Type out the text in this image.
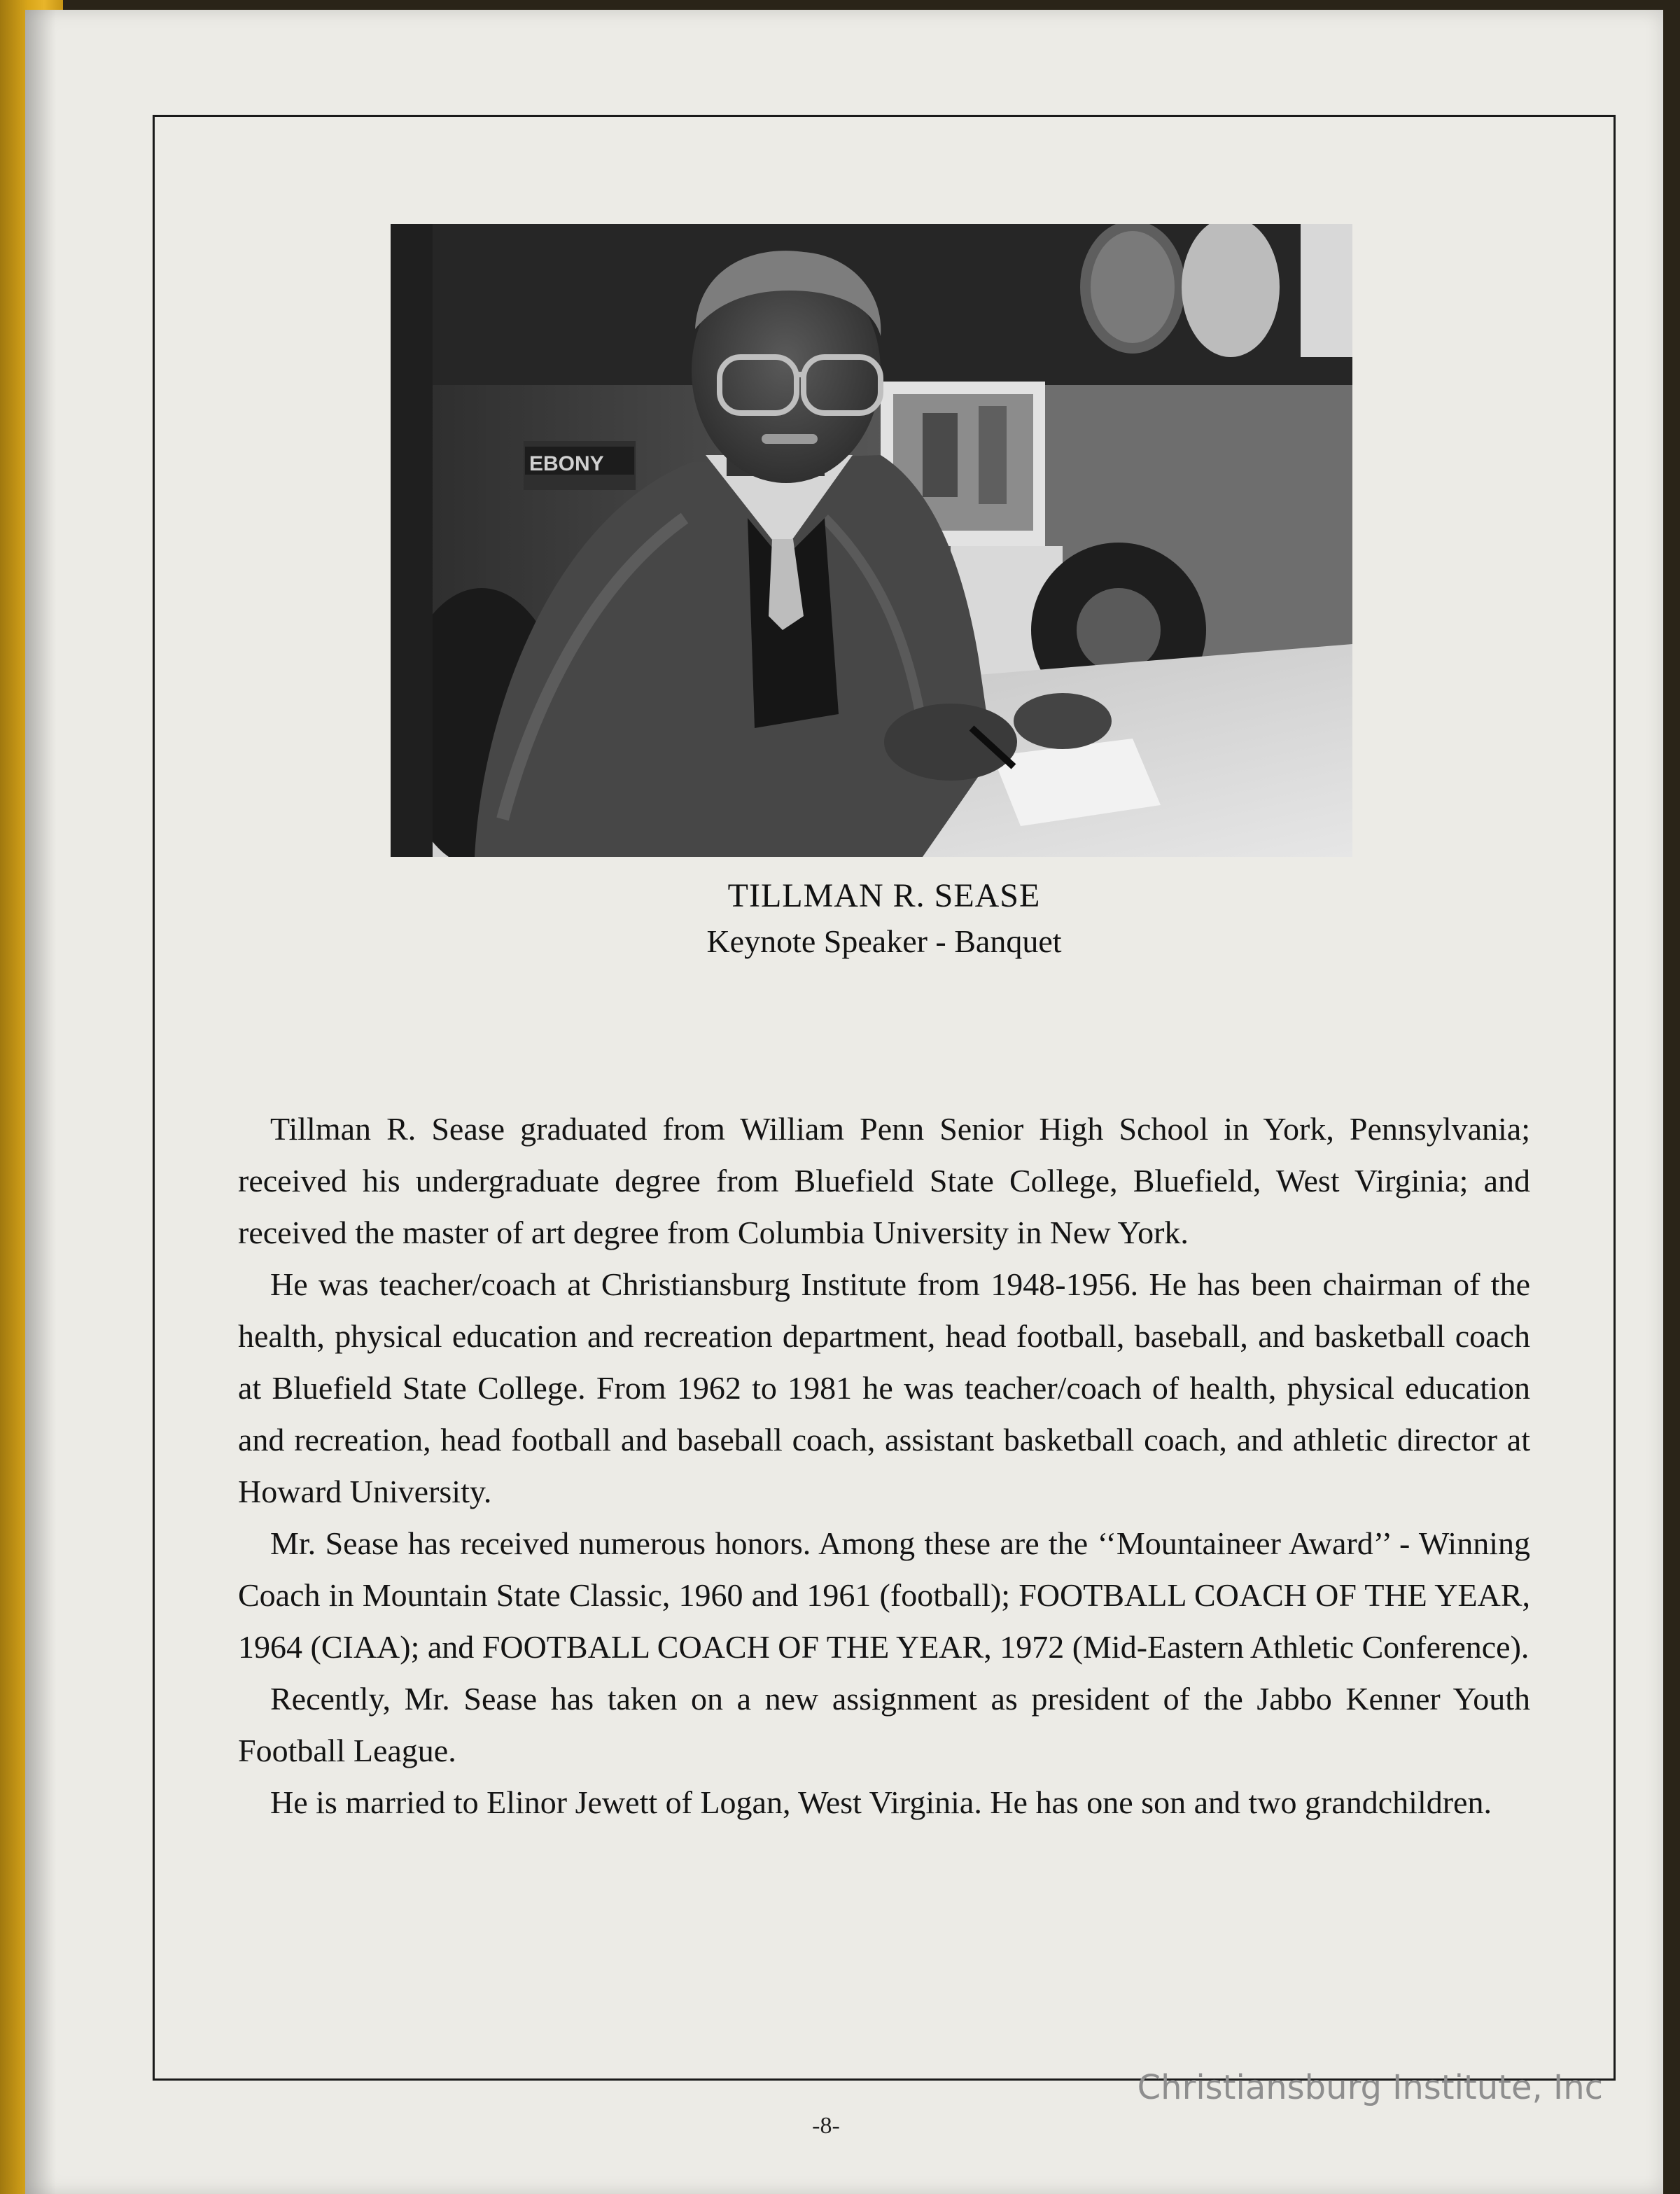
EBONY
TILLMAN R. SEASE
Keynote Speaker - Banquet

Tillman R. Sease graduated from William Penn Senior High School in York, Pennsylvania; received his undergraduate degree from Bluefield State College, Bluefield, West Virginia; and received the master of art degree from Columbia University in New York.

He was teacher/coach at Christiansburg Institute from 1948-1956. He has been chairman of the health, physical education and recreation department, head football, baseball, and basketball coach at Bluefield State College. From 1962 to 1981 he was teacher/coach of health, physical education and recreation, head football and baseball coach, assistant basketball coach, and athletic director at Howard University.

Mr. Sease has received numerous honors. Among these are the ‘‘Mountaineer Award’’ - Winning Coach in Mountain State Classic, 1960 and 1961 (football); FOOTBALL COACH OF THE YEAR, 1964 (CIAA); and FOOTBALL COACH OF THE YEAR, 1972 (Mid-Eastern Athletic Conference).

Recently, Mr. Sease has taken on a new assignment as president of the Jabbo Kenner Youth Football League.

He is married to Elinor Jewett of Logan, West Virginia. He has one son and two grandchildren.

Christiansburg Institute, Inc
-8-
